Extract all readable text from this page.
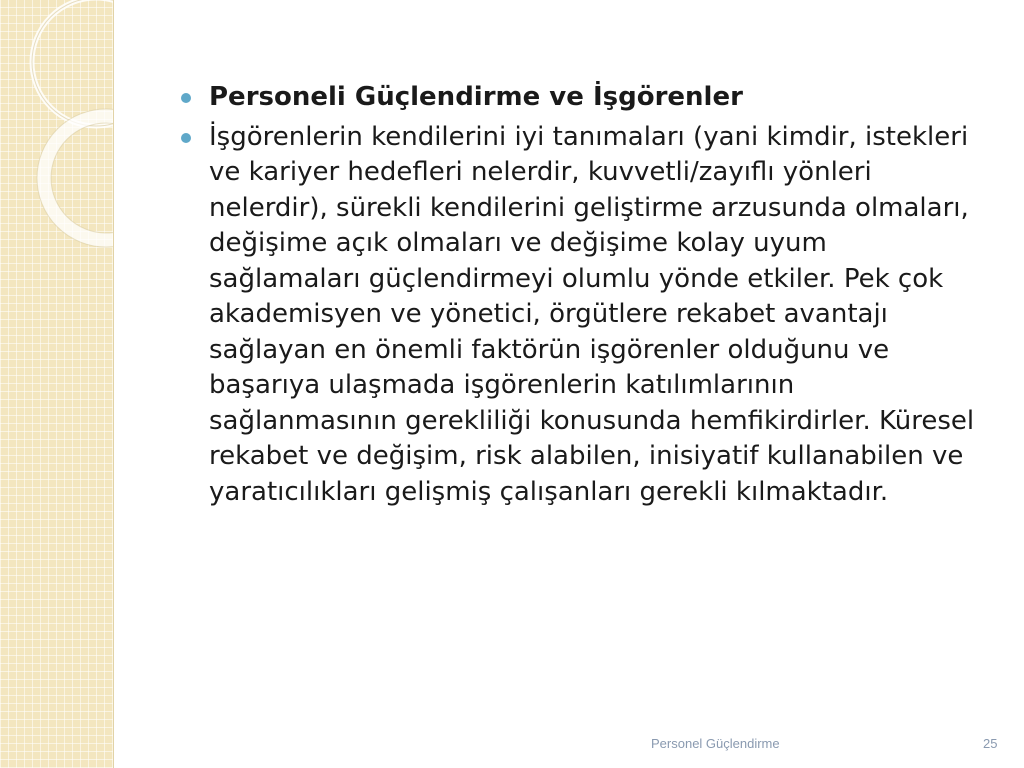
Personeli Güçlendirme ve İşgörenler
İşgörenlerin kendilerini iyi tanımaları (yani kimdir, istekleri ve kariyer hedefleri nelerdir, kuvvetli/zayıflı yönleri nelerdir), sürekli kendilerini geliştirme arzusunda olmaları, değişime açık olmaları ve değişime kolay uyum sağlamaları güçlendirmeyi olumlu yönde etkiler. Pek çok akademisyen ve yönetici, örgütlere rekabet avantajı sağlayan en önemli faktörün işgörenler olduğunu ve başarıya ulaşmada işgörenlerin katılımlarının sağlanmasının gerekliliği konusunda hemfikirdirler. Küresel rekabet ve değişim, risk alabilen, inisiyatif kullanabilen ve yaratıcılıkları gelişmiş çalışanları gerekli kılmaktadır.
Personel Güçlendirme	25
